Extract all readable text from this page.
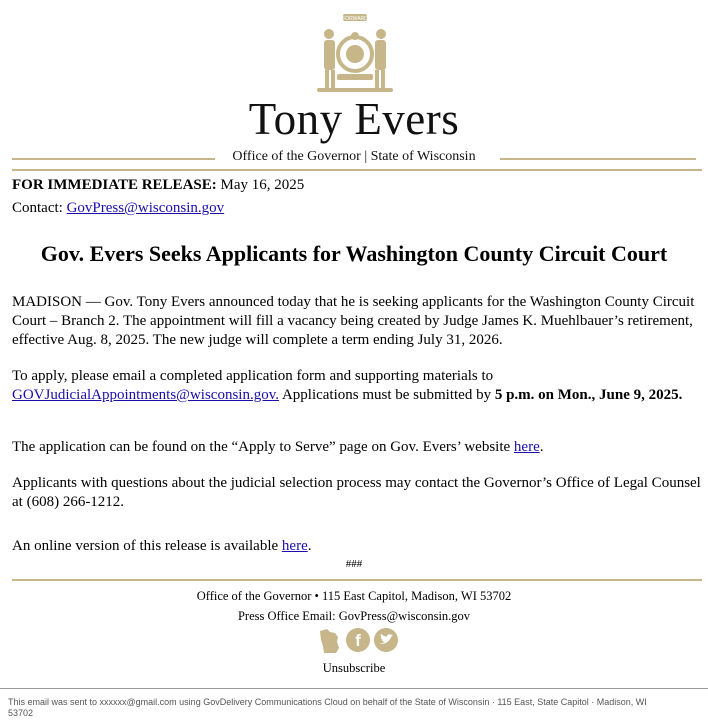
FORWARD
Tony Evers
Office of the Governor | State of Wisconsin
FOR IMMEDIATE RELEASE: May 16, 2025
Contact: GovPress@wisconsin.gov
Gov. Evers Seeks Applicants for Washington County Circuit Court
MADISON — Gov. Tony Evers announced today that he is seeking applicants for the Washington County Circuit Court – Branch 2. The appointment will fill a vacancy being created by Judge James K. Muehlbauer’s retirement, effective Aug. 8, 2025. The new judge will complete a term ending July 31, 2026.
To apply, please email a completed application form and supporting materials to
GOVJudicialAppointments@wisconsin.gov. Applications must be submitted by 5 p.m. on Mon., June 9, 2025.
The application can be found on the “Apply to Serve” page on Gov. Evers’ website here.
Applicants with questions about the judicial selection process may contact the Governor’s Office of Legal Counsel at (608) 266-1212.
An online version of this release is available here.
###
Office of the Governor • 115 East Capitol, Madison, WI 53702
Press Office Email: GovPress@wisconsin.gov
f
Unsubscribe
This email was sent to xxxxxx@gmail.com using GovDelivery Communications Cloud on behalf of the State of Wisconsin · 115 East, State Capitol · Madison, WI 53702
